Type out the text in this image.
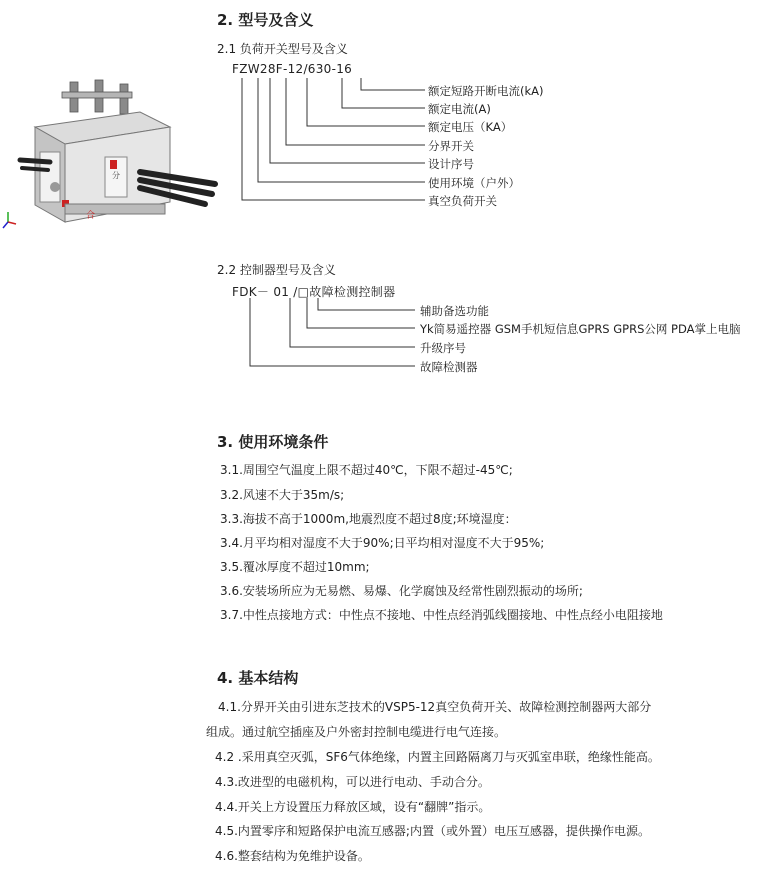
合
分
2. 型号及含义
2.1 负荷开关型号及含义
FZW28F-12/630-16
额定短路开断电流(kA)
额定电流(A)
额定电压（KA）
分界开关
设计序号
使用环境（户外）
真空负荷开关
2.2 控制器型号及含义
FDK－ 01 /□故障检测控制器
辅助备选功能
Yk简易遥控器 GSM手机短信息GPRS GPRS公网 PDA掌上电脑
升级序号
故障检测器
3. 使用环境条件
3.1.周围空气温度上限不超过40℃，下限不超过-45℃;
3.2.风速不大于35m/s;
3.3.海拔不高于1000m,地震烈度不超过8度;环境湿度：
3.4.月平均相对湿度不大于90%;日平均相对湿度不大于95%;
3.5.覆冰厚度不超过10mm;
3.6.安装场所应为无易燃、易爆、化学腐蚀及经常性剧烈振动的场所;
3.7.中性点接地方式：中性点不接地、中性点经消弧线圈接地、中性点经小电阻接地
4. 基本结构
4.1.分界开关由引进东芝技术的VSP5-12真空负荷开关、故障检测控制器两大部分
组成。通过航空插座及户外密封控制电缆进行电气连接。
4.2 .采用真空灭弧，SF6气体绝缘，内置主回路隔离刀与灭弧室串联，绝缘性能高。
4.3.改进型的电磁机构，可以进行电动、手动合分。
4.4.开关上方设置压力释放区域，设有“翻牌”指示。
4.5.内置零序和短路保护电流互感器;内置（或外置）电压互感器，提供操作电源。
4.6.整套结构为免维护设备。
